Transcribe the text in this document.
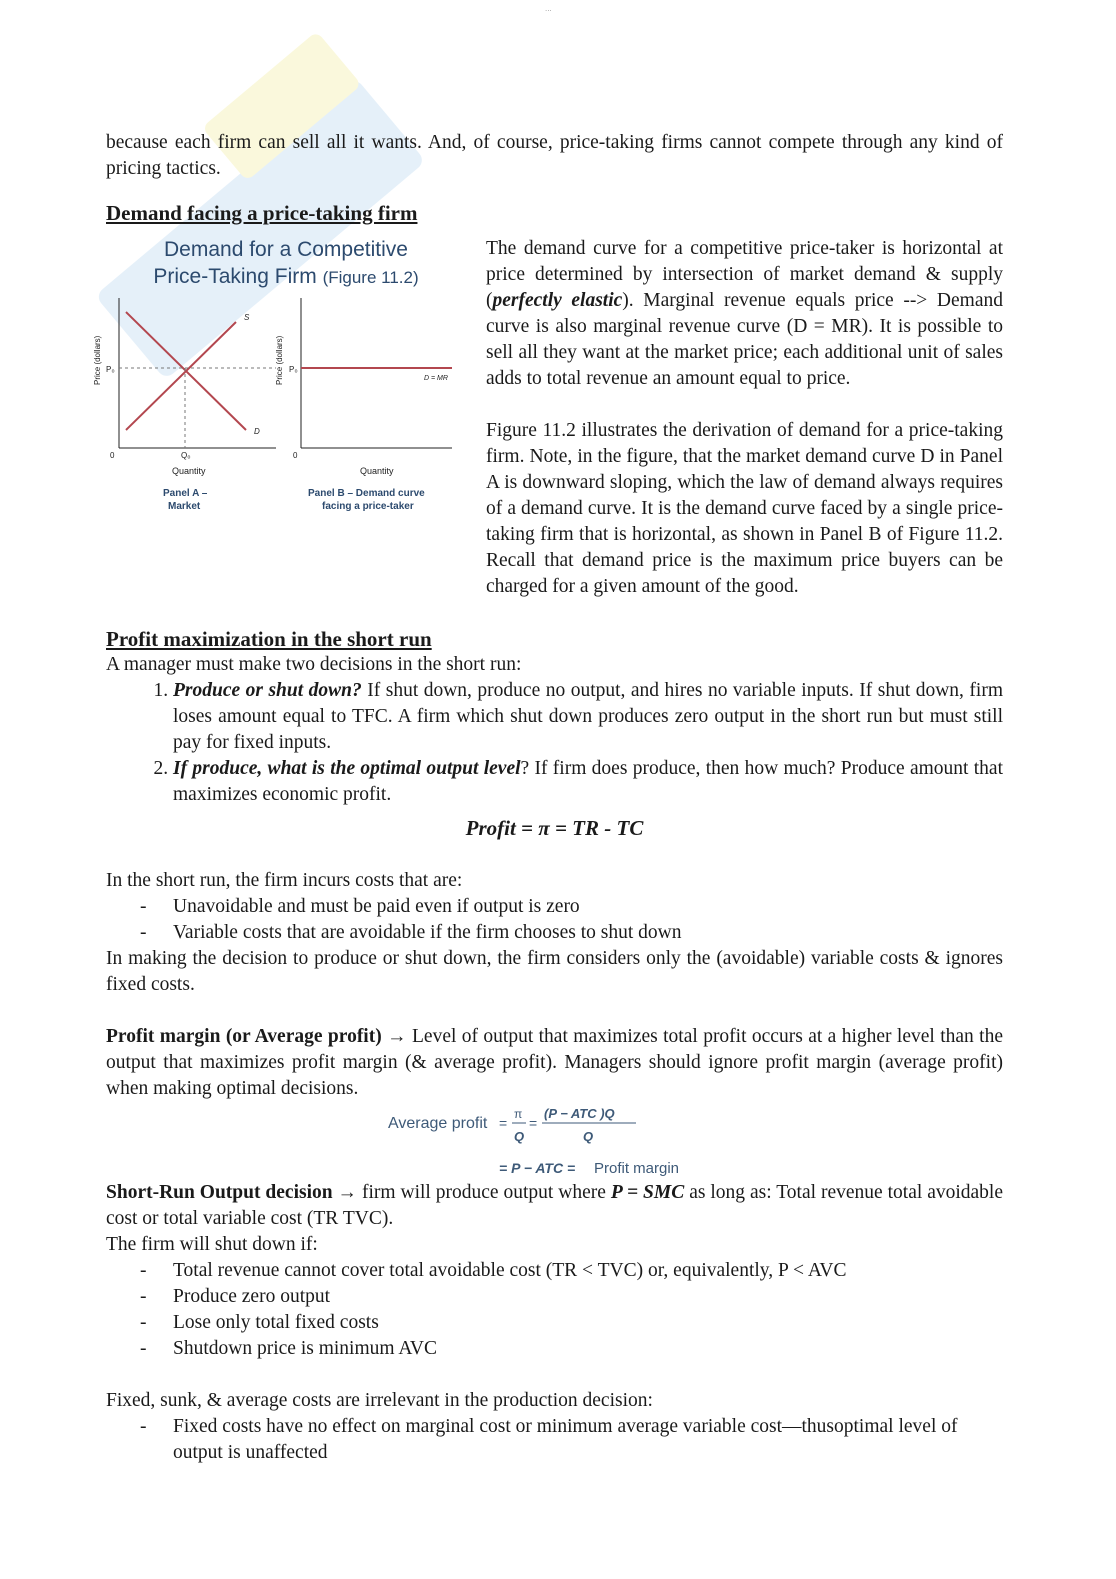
...

because each firm can sell all it wants. And, of course, price-taking firms cannot compete through any kind of pricing tactics.

Demand facing a price-taking firm
Demand for a Competitive
Price-Taking Firm (Figure 11.2)
Price (dollars) P₀
S
D
0	Q₀
Quantity
Panel A –
Market
Price (dollars) P₀
D = MR
0
Quantity
Panel B – Demand curve
facing a price-taker

The demand curve for a competitive price-taker is horizontal at price determined by intersection of market demand & supply (perfectly elastic). Marginal revenue equals price --> Demand curve is also marginal revenue curve (D = MR). It is possible to sell all they want at the market price; each additional unit of sales adds to total revenue an amount equal to price.

Figure 11.2 illustrates the derivation of demand for a price-taking firm. Note, in the figure, that the market demand curve D in Panel A is downward sloping, which the law of demand always requires of a demand curve. It is the demand curve faced by a single price-taking firm that is horizontal, as shown in Panel B of Figure 11.2. Recall that demand price is the maximum price buyers can be charged for a given amount of the good.

Profit maximization in the short run

A manager must make two decisions in the short run:

1. Produce or shut down? If shut down, produce no output, and hires no variable inputs. If shut down, firm loses amount equal to TFC. A firm which shut down produces zero output in the short run but must still pay for fixed inputs.
2. If produce, what is the optimal output level? If firm does produce, then how much? Produce amount that maximizes economic profit.
Profit = π = TR - TC

In the short run, the firm incurs costs that are:

- Unavoidable and must be paid even if output is zero
- Variable costs that are avoidable if the firm chooses to shut down

In making the decision to produce or shut down, the firm considers only the (avoidable) variable costs & ignores fixed costs.

Profit margin (or Average profit) → Level of output that maximizes total profit occurs at a higher level than the output that maximizes profit margin (& average profit). Managers should ignore profit margin (average profit) when making optimal decisions.

Average profit =
π
Q
=
(P − ATC )Q
Q
= P − ATC = Profit margin

Short-Run Output decision → firm will produce output where P = SMC as long as: Total revenue total avoidable cost or total variable cost (TR TVC).

The firm will shut down if:

- Total revenue cannot cover total avoidable cost (TR < TVC) or, equivalently, P < AVC
- Produce zero output
- Lose only total fixed costs
- Shutdown price is minimum AVC

Fixed, sunk, & average costs are irrelevant in the production decision:

- Fixed costs have no effect on marginal cost or minimum average variable cost—thusoptimal level of output is unaffected
